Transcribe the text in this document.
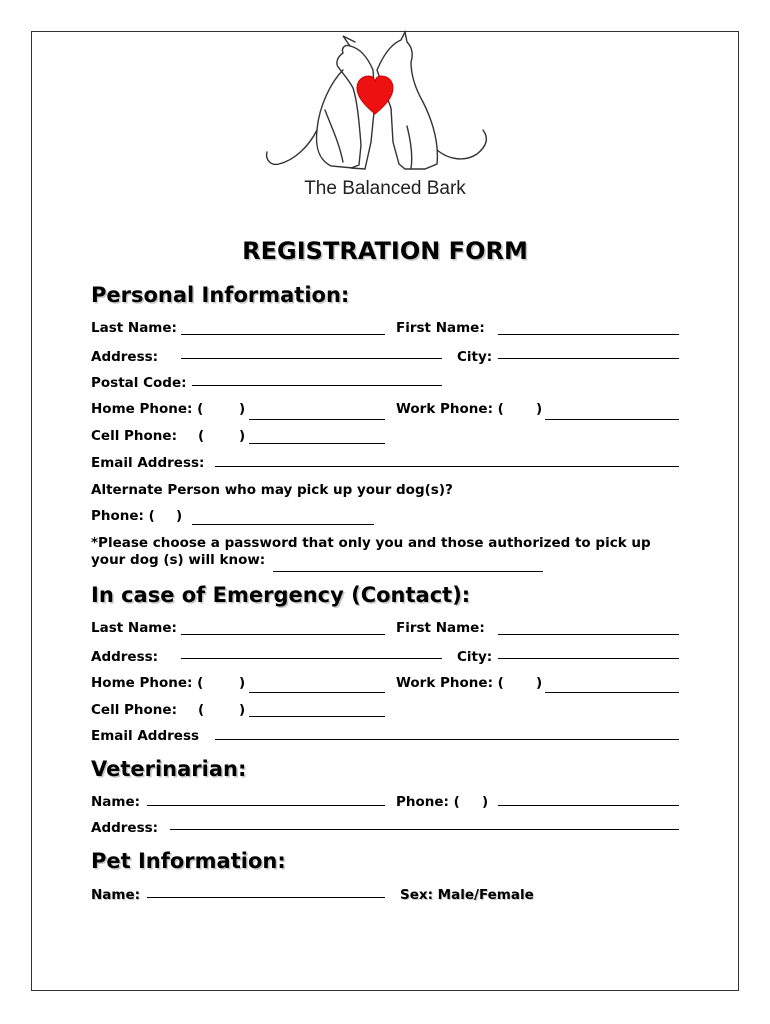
The Balanced Bark
REGISTRATION FORM
Personal Information:
Last Name:	First Name:
Address:	City:
Postal Code:
Home Phone: (	)	Work Phone: ( )
Cell Phone: (	)
Email Address:
Alternate Person who may pick up your dog(s)?
Phone: ( )
*Please choose a password that only you and those authorized to pick up your dog (s) will know:
In case of Emergency (Contact):
Last Name:	First Name:
Address:	City:
Home Phone: (	)	Work Phone: ( )
Cell Phone: (	)
Email Address
Veterinarian:
Name:	Phone: ( )
Address:
Pet Information:
Name:	Sex: Male/Female
